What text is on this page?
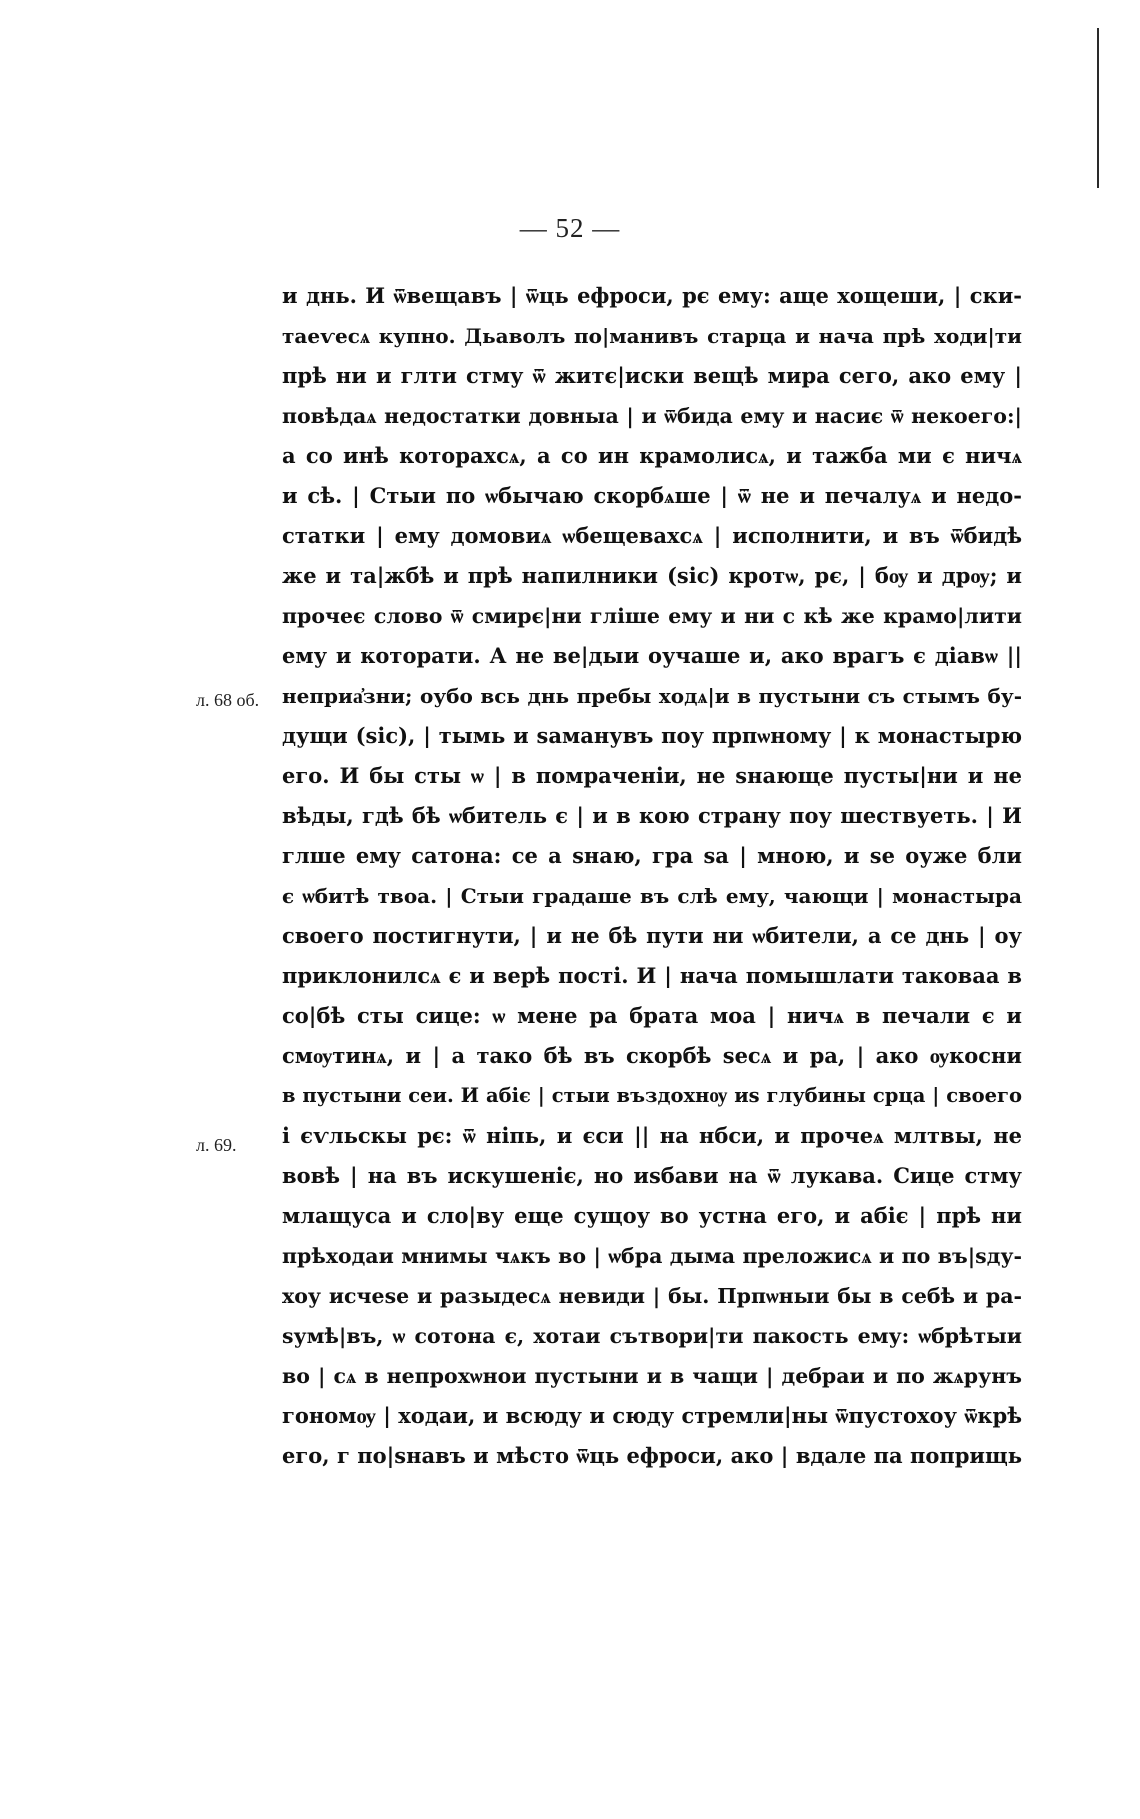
— 52 —
л. 68 об.
л. 69.
и днь. И ѿвещавъ | ѿць ефроси, рє ему: аще хощеши, | ски-
таеѵесѧ купно. Дьаволъ по|манивъ старца и нача прѣ ходи|ти
прѣ ни и глти стму ѿ житє|иски вещѣ мира сего, ако ему |
повѣдаѧ недостатки довныа | и ѿбида ему и насиє ѿ некоего:|
а со инѣ которахсѧ, а со ин крамолисѧ, и тажба ми є ничѧ
и сѣ. | Стыи по ѡбычаю скорбѧше | ѿ не и печалуѧ и недо-
статки | ему домовиѧ ѡбещевахсѧ | исполнити, и въ ѿбидѣ
же и та|жбѣ и прѣ напилники (sic) кротѡ, рє, | бѹ и дрѹ; и
прочеє слово ѿ смирє|ни гліше ему и ни с кѣ же крамо|лити
ему и которати. А не ве|дыи оучаше и, ако врагъ є діавѡ ||
неприа҆зни; оубо всь днь пребы ходѧ|и в пустыни съ стымъ бу-
дущи (sic), | тымь и ѕаманувъ поу прпѡному | к монастырю
его. И бы сты ѡ | в помраченіи, не ѕнающе пусты|ни и не
вѣды, гдѣ бѣ ѡбитель є | и в кою страну поу шествуеть. | И
глше ему сатона: се а ѕнаю, гра ѕа | мною, и ѕе оуже бли
є ѡбитѣ твоа. | Стыи градаше въ слѣ ему, чающи | монастыра
своего постигнути, | и не бѣ пути ни ѡбители, а се днь | оу
приклонилсѧ є и верѣ пості. И | нача помышлати таковаа в
со|бѣ сты сице: ѡ мене ра брата моа | ничѧ в печали є и
смѹтинѧ, и | а тако бѣ въ скорбѣ ѕесѧ и ра, | ако ѹкосни
в пустыни сеи. И абіє | стыи въздохнѹ иѕ глубины срца | своего
і єѵльскы рє: ѿ ніпь, и єси || на нбси, и прочеѧ млтвы, не
вовѣ | на въ искушеніє, но иѕбави на ѿ лукава. Сице стму
млащуса и сло|ву еще сущоу во устна его, и абіє | прѣ ни
прѣходаи мнимы чѧкъ во | ѡбра дыма преложисѧ и по въ|ѕду-
хоу исчеѕе и разыдесѧ невиди | бы. Прпѡныи бы в себѣ и ра-
ѕумѣ|въ, ѡ сотона є, хотаи сътвори|ти пакость ему: ѡбрѣтыи
во | сѧ в непрохѡнои пустыни и в чащи | дебраи и по жѧрунъ
гономѹ | ходаи, и всюду и сюду стремли|ны ѿпустохоу ѿкрѣ
его, г по|ѕнавъ и мѣсто ѿць ефроси, ако | вдале па поприщь
